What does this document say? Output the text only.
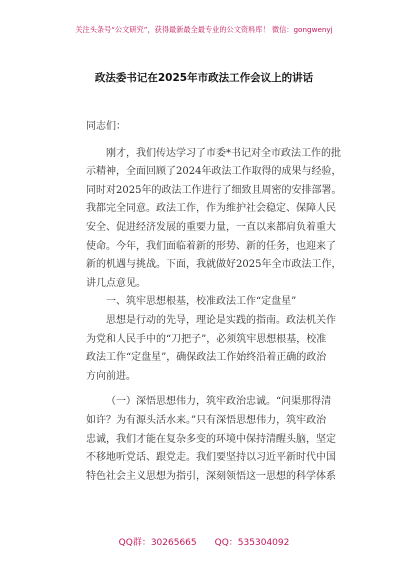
关注头条号“公文研究”，获得最新最全最专业的公文资料库！ 微信：gongwenyj
政法委书记在2025年市政法工作会议上的讲话
同志们：
刚才，我们传达学习了市委*书记对全市政法工作的批
示精神，全面回顾了2024年政法工作取得的成果与经验，
同时对2025年的政法工作进行了细致且周密的安排部署。
我都完全同意。政法工作，作为维护社会稳定、保障人民
安全、促进经济发展的重要力量，一直以来都肩负着重大
使命。今年，我们面临着新的形势、新的任务，也迎来了
新的机遇与挑战。下面，我就做好2025年全市政法工作，
讲几点意见。
一、筑牢思想根基，校准政法工作“定盘星”
思想是行动的先导，理论是实践的指南。政法机关作
为党和人民手中的“刀把子”，必须筑牢思想根基，校准
政法工作“定盘星”，确保政法工作始终沿着正确的政治
方向前进。
（一）深悟思想伟力，筑牢政治忠诚。“问渠那得清
如许？为有源头活水来。”只有深悟思想伟力，筑牢政治
忠诚，我们才能在复杂多变的环境中保持清醒头脑，坚定
不移地听党话、跟党走。我们要坚持以习近平新时代中国
特色社会主义思想为指引，深刻领悟这一思想的科学体系
QQ群：30265665 QQ：535304092
